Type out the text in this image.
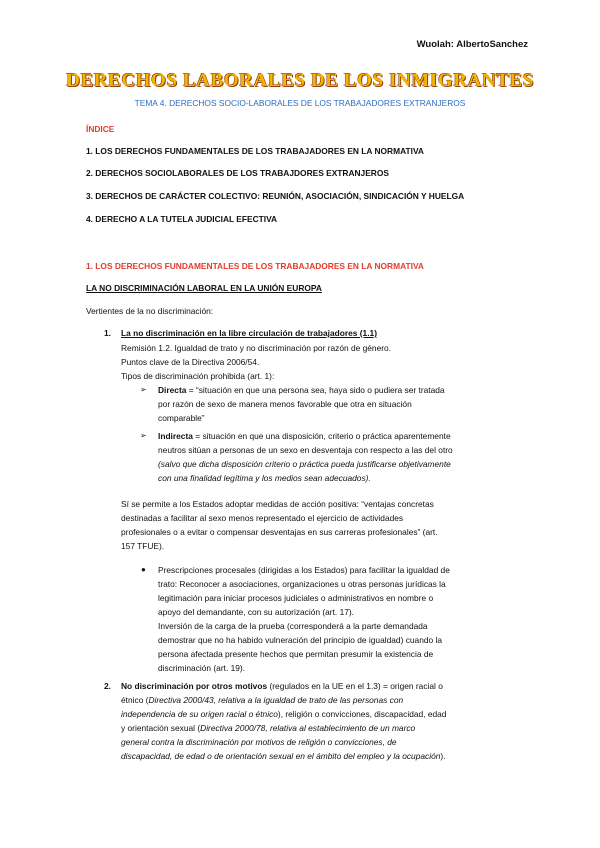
Wuolah: AlbertoSanchez
DERECHOS LABORALES DE LOS INMIGRANTES
TEMA 4. DERECHOS SOCIO-LABORALES DE LOS TRABAJADORES EXTRANJEROS
ÍNDICE
1. LOS DERECHOS FUNDAMENTALES DE LOS TRABAJADORES EN LA NORMATIVA
2. DERECHOS SOCIOLABORALES DE LOS TRABAJDORES EXTRANJEROS
3. DERECHOS DE CARÁCTER COLECTIVO: REUNIÓN, ASOCIACIÓN, SINDICACIÓN Y HUELGA
4. DERECHO A LA TUTELA JUDICIAL EFECTIVA
1. LOS DERECHOS FUNDAMENTALES DE LOS TRABAJADORES EN LA NORMATIVA
LA NO DISCRIMINACIÓN LABORAL EN LA UNIÓN EUROPA
Vertientes de la no discriminación:
1. La no discriminación en la libre circulación de trabajadores (1.1)
Remisión 1.2. Igualdad de trato y no discriminación por razón de género.
Puntos clave de la Directiva 2006/54.
Tipos de discriminación prohibida (art. 1):
➢ Directa = “situación en que una persona sea, haya sido o pudiera ser tratada
por razón de sexo de manera menos favorable que otra en situación
comparable”
➢ Indirecta = situación en que una disposición, criterio o práctica aparentemente
neutros sitúan a personas de un sexo en desventaja con respecto a las del otro
(salvo que dicha disposición criterio o práctica pueda justificarse objetivamente
con una finalidad legítima y los medios sean adecuados).
Sí se permite a los Estados adoptar medidas de acción positiva: “ventajas concretas
destinadas a facilitar al sexo menos representado el ejercicio de actividades
profesionales o a evitar o compensar desventajas en sus carreras profesionales” (art.
157 TFUE).
● Prescripciones procesales (dirigidas a los Estados) para facilitar la igualdad de
trato: Reconocer a asociaciones, organizaciones u otras personas jurídicas la
legitimación para iniciar procesos judiciales o administrativos en nombre o
apoyo del demandante, con su autorización (art. 17).
Inversión de la carga de la prueba (corresponderá a la parte demandada
demostrar que no ha habido vulneración del principio de igualdad) cuando la
persona afectada presente hechos que permitan presumir la existencia de
discriminación (art. 19).
2. No discriminación por otros motivos (regulados en la UE en el 1.3) = origen racial o
étnico (Directiva 2000/43, relativa a la igualdad de trato de las personas con
independencia de su origen racial o étnico), religión o convicciones, discapacidad, edad
y orientación sexual (Directiva 2000/78, relativa al establecimiento de un marco
general contra la discriminación por motivos de religión o convicciones, de
discapacidad, de edad o de orientación sexual en el ámbito del empleo y la ocupación).
